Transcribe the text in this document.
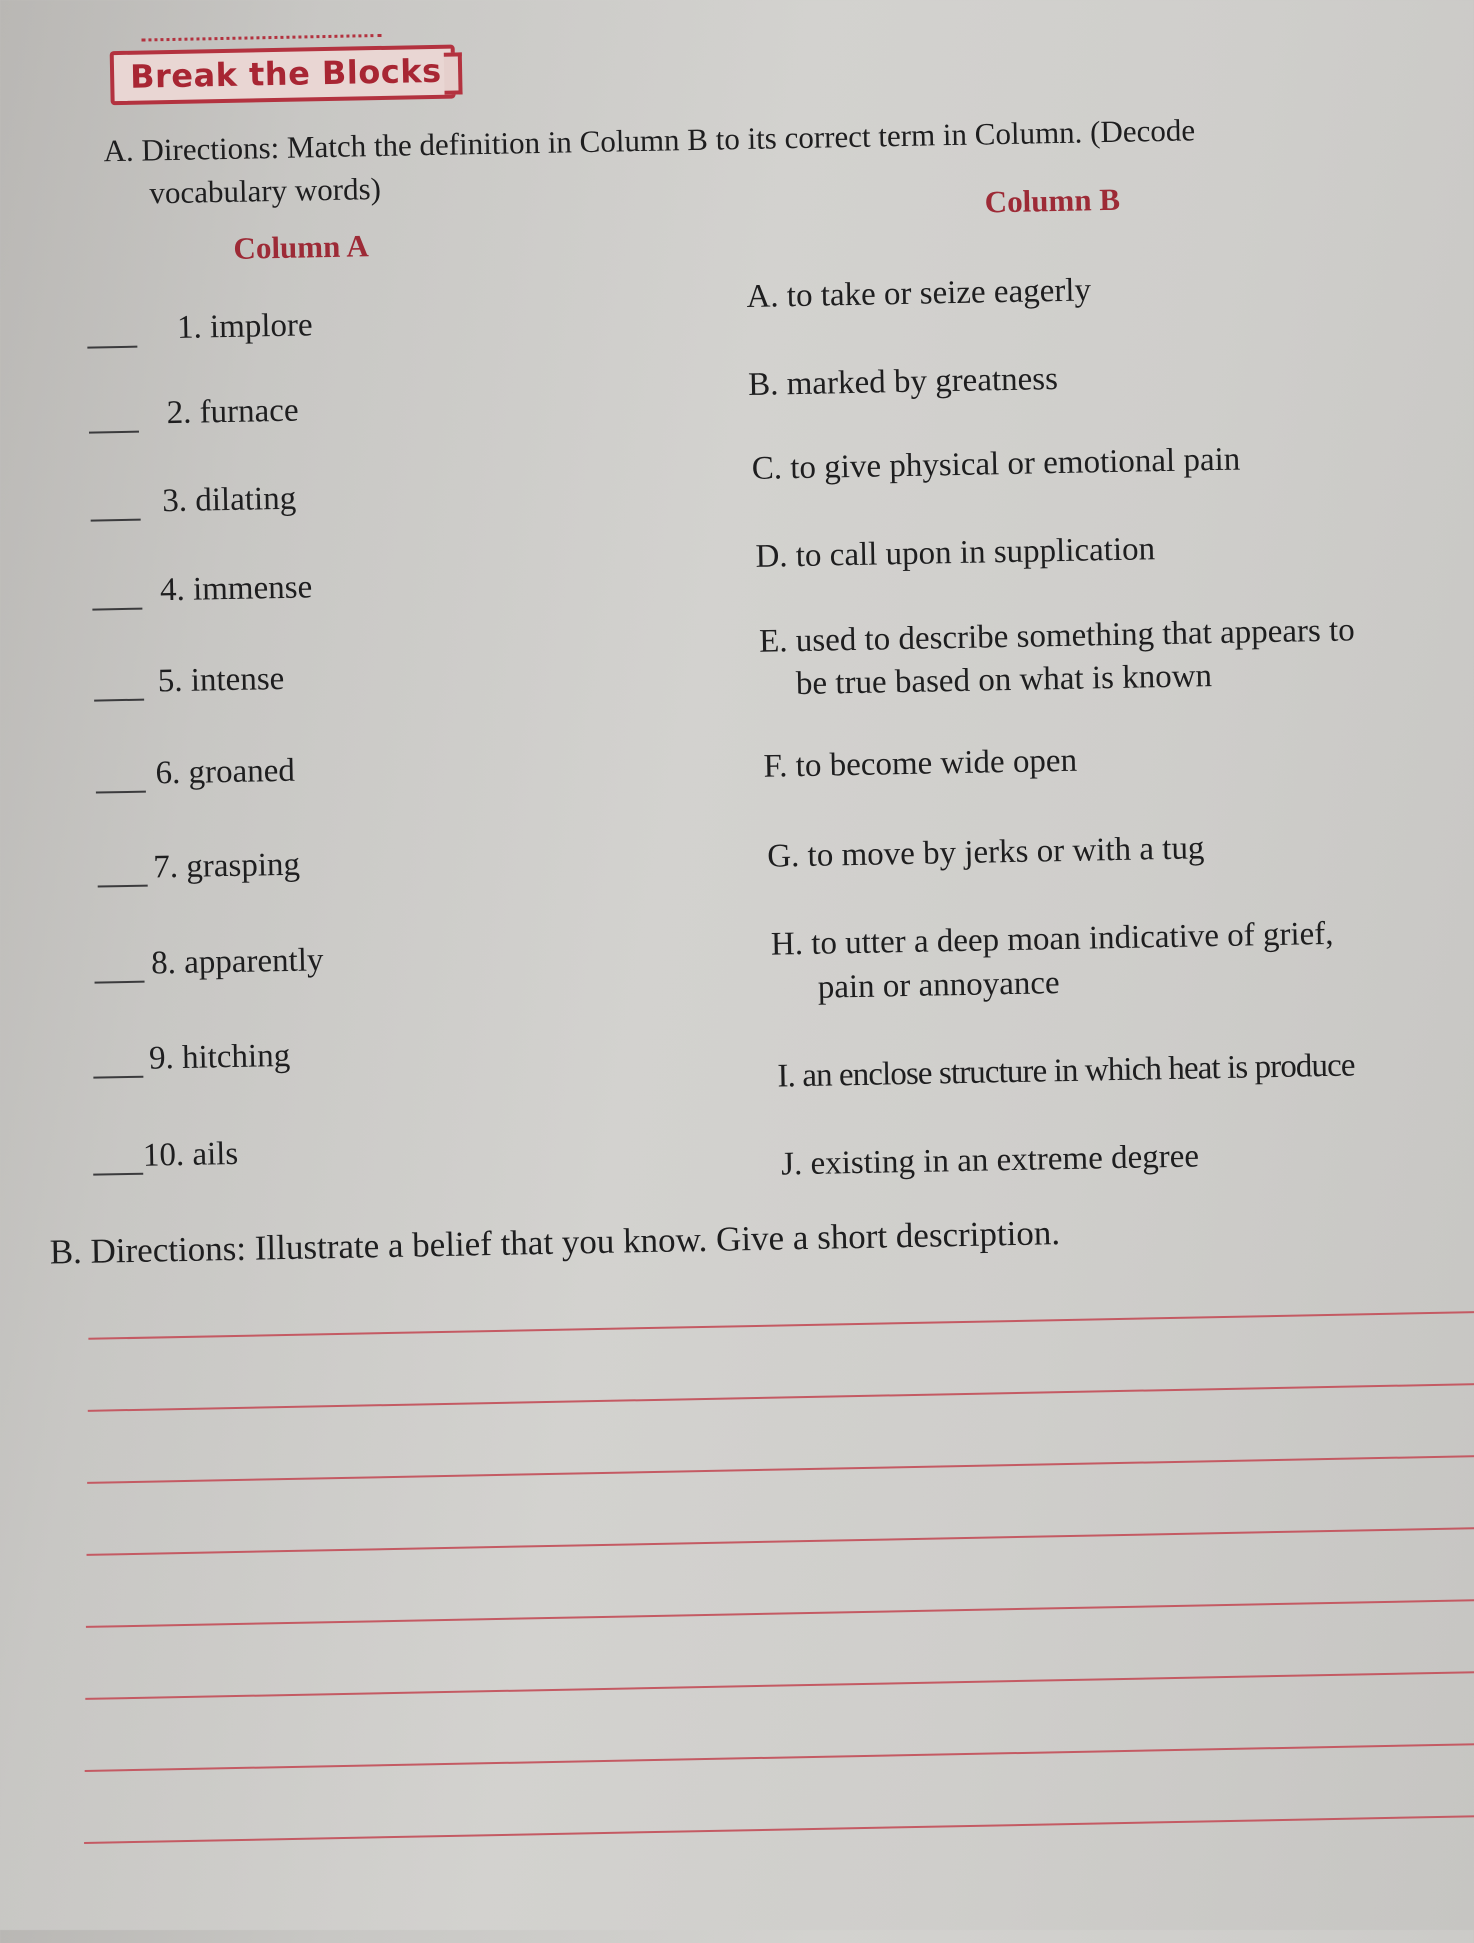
Break the Blocks
A. Directions: Match the definition in Column B to its correct term in Column. (Decode
vocabulary words)
Column A
Column B
1. implore
2. furnace
3. dilating
4. immense
5. intense
6. groaned
7. grasping
8. apparently
9. hitching
10. ails
A. to take or seize eagerly
B. marked by greatness
C. to give physical or emotional pain
D. to call upon in supplication
E. used to describe something that appears to
be true based on what is known
F. to become wide open
G. to move by jerks or with a tug
H. to utter a deep moan indicative of grief,
pain or annoyance
I. an enclose structure in which heat is produce
J. existing in an extreme degree
B. Directions: Illustrate a belief that you know. Give a short description.
